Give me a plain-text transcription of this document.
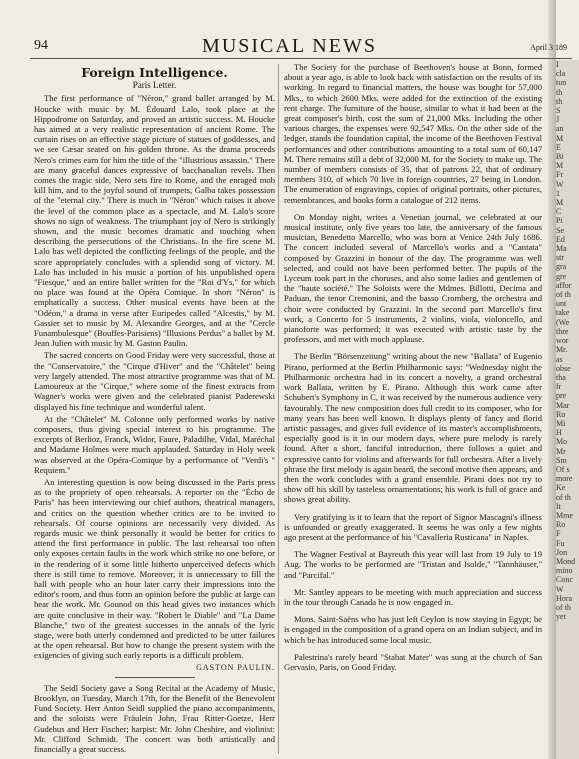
94	MUSICAL NEWS	April 3 189
Foreign Intelligence.
Paris Letter.

The first performance of "Néron," grand ballet arranged by M. Houcke with music by M. Édouard Lalo, took place at the Hippodrome on Saturday, and proved an artistic success. M. Houcke has aimed at a very realistic representation of ancient Rome. The curtain rises on an effective stage picture of statues of goddesses, and we see Cæsar seated on his golden throne. As the drama proceeds Nero's crimes earn for him the title of the "illustrious assassin." There are many graceful dances expressive of bacchanalian revels. Then comes the tragic side, Nero sets fire to Rome, and the enraged mob kill him, and to the joyful sound of trumpets, Galba takes possession of the "eternal city." There is much in "Néron" which raises it above the level of the common place as a spectacle, and M. Lalo's score shows no sign of weakness. The triumphant joy of Nero is strikingly shown, and the music becomes dramatic and touching when describing the persecutions of the Christians. In the fire scene M. Lalo has well depicted the conflicting feelings of the people, and the score appropriately concludes with a splendid song of victory. M. Lalo has included in his music a portion of his unpublished opera "Fiesque," and an entire ballet written for the "Roi d'Ys," for which no place was found at the Opéra Comique. In short "Néron" is emphatically a success. Other musical events have been at the "Odéon," a drama in verse after Euripedes called "Alcestis," by M. Gassier set to music by M. Alexandre Georges, and at the "Cercle Funambulesque" (Bouffes-Parisiens) "Illusions Perdus" a ballet by M. Jean Julien with music by M. Gaston Paulin.

The sacred concerts on Good Friday were very successful, those at the "Conservatoire," the "Cirque d'Hiver" and the "Châtelet" being very largely attended. The most attractive programme was that of M. Lamoureux at the "Cirque," where some of the finest extracts from Wagner's works were given and the celebrated pianist Paderewski displayed his fine technique and wonderful talent.

At the "Châtelet" M. Colonne only performed works by native composers, thus giving special interest to his programme. The excerpts of Berlioz, Franck, Widor, Faure, Paladilhe, Vidal, Maréchal and Madame Holmes were much applauded. Saturday in Holy week was observed at the Opéra-Comique by a performance of "Verdi's " Requiem."

An interesting question is now being discussed in the Paris press as to the propriety of open rehearsals. A reporter on the "Écho de Paris" has been interviewing our chief authors, theatrical managers, and critics on the question whether critics are to be invited to rehearsals. Of course opinions are necessarily very divided. As regards music we think personally it would be better for critics to attend the first performance in public. The last rehearsal too often only exposes certain faults in the work which strike no one before, or in the rendering of it some little hitherto unperceived defects which there is still time to remove. Moreover, it is unnecessary to fill the hall with people who an hour later carry their impressions into the editor's room, and thus form an opinion before the public at large can hear the work. Mr. Gounod on this head gives two instances which are quite conclusive in their way. "Robert le Diable" and "La Dame Blanche," two of the greatest successes in the annals of the lyric stage, were both utterly condemned and predicted to be utter failures at the open rehearsal. But how to change the present system with the exigencies of giving such early reports is a difficult problem.

GASTON PAULIN.

The Seidl Society gave a Song Recital at the Academy of Music, Brooklyn, on Tuesday, March 17th, for the Benefit of the Benevolent Fund Society. Herr Anton Seidl supplied the piano accompaniments, and the soloists were Fräulein John, Frau Ritter-Goetze, Herr Gudehus and Herr Fischer; harpist: Mr. John Cheshire, and violinist: Mr. Clifford Schmidt. The concert was both artistically and financially a great success.

The Society for the purchase of Beethoven's house at Bonn, formed about a year ago, is able to look back with satisfaction on the results of its working. In regard to financial matters, the house was bought for 57,000 Mks., to which 2600 Mks. were added for the extinction of the existing rent charge. The furniture of the house, similar to what it had been at the great composer's birth, cost the sum of 21,000 Mks. Including the other various charges, the expenses were 92,547 Mks. On the other side of the ledger, stands the foundation capital, the income of the Beethoven Festival performances and other contributions amounting to a total sum of 60,147 M. There remains still a debt of 32,000 M. for the Society to make up. The number of members consists of 35, that of patrons 22, that of ordinary members 310, of which 70 live in foreign countries, 27 being in London. The enumeration of engravings, copies of original portraits, other pictures, remembrances, and books form a catalogue of 212 items.

On Monday night, writes a Venetian journal, we celebrated at our musical institute, only five years too late, the anniversary of the famous musician, Benedetto Marcello, who was born at Venice 24th July 1686. The concert included several of Marcello's works and a "Cantata" composed by Grazzini in honour of the day. The programme was well selected, and could not have been performed better. The pupils of the Lyceum took part in the choruses, and also some ladies and gentlemen of the "haute société." The Soloists were the Mdmes. Billotti, Decima and Paduan, the tenor Cremonini, and the basso Cromberg, the orchestra and choir were conducted by Grazzini. In the second part Marcello's first work, a Concerto for 5 instruments, 2 violins, viola, violoncello, and pianoforte was performed; it was executed with artistic taste by the professors, and met with much applause.

The Berlin "Börsenzeitung" writing about the new "Ballata" of Eugenio Pirano, performed at the Berlin Philharmonic says: "Wednesday night the Philharmonic orchestra had in its concert a novelty, a grand orchestral work Ballata, written by E. Pirano. Although this work came after Schubert's Symphony in C, it was received by the numerous audience very favourably. The new composition does full credit to its composer, who for many years has been well known. It displays plenty of fancy and florid artistic passages, and gives full evidence of its master's accomplishments, especially good is it in our modern days, where pure melody is rarely found. After a short, fanciful introduction, there follows a quiet and expressive canto for violins and afterwards for full orchestra. After a lively phrase the first melody is again heard, the second motive then appears, and then the work concludes with a grand ensemble. Pirani does not try to show off his skill by tasteless ornamentations; his work is full of grace and shows great ability.

Very gratifying is it to learn that the report of Signor Mascagni's illness is unfounded or greatly exaggerated. It seems he was only a few nights ago present at the performance of his "Cavalleria Rusticana" in Naples.

The Wagner Festival at Bayreuth this year will last from 19 July to 19 Aug. The works to be performed are "Tristan and Isolde," "Tannhäuser," and "Parcifal."

Mr. Santley appears to be meeting with much appreciation and success in the tour through Canada he is now engaged in.

Mons. Saint-Saëns who has just left Ceylon is now staying in Egypt; he is engaged in the composition of a grand opera on an Indian subject, and in which he has introduced some local music.

Palestrina's rarely heard "Stabat Mater" was sung at the church of San Gervasio, Paris, on Good Friday.

I
cla
tun
th
th
S
J
an
M
E
Bi
M
Fr
W
1
M
C
Pi
Se
Ed
Ma
str
gra
gre
affor
of th
unt
take
(We
thre
wor
Mr.
as
obse
tha
fr
pre
Mar
Ro
Mi
H
Mo
Mr
Sm
Of s
more
Ke
of th
It
Mme
Ro
F
Fu
Jon
Mond
mino
Conc
W
Hora
of th
yet
